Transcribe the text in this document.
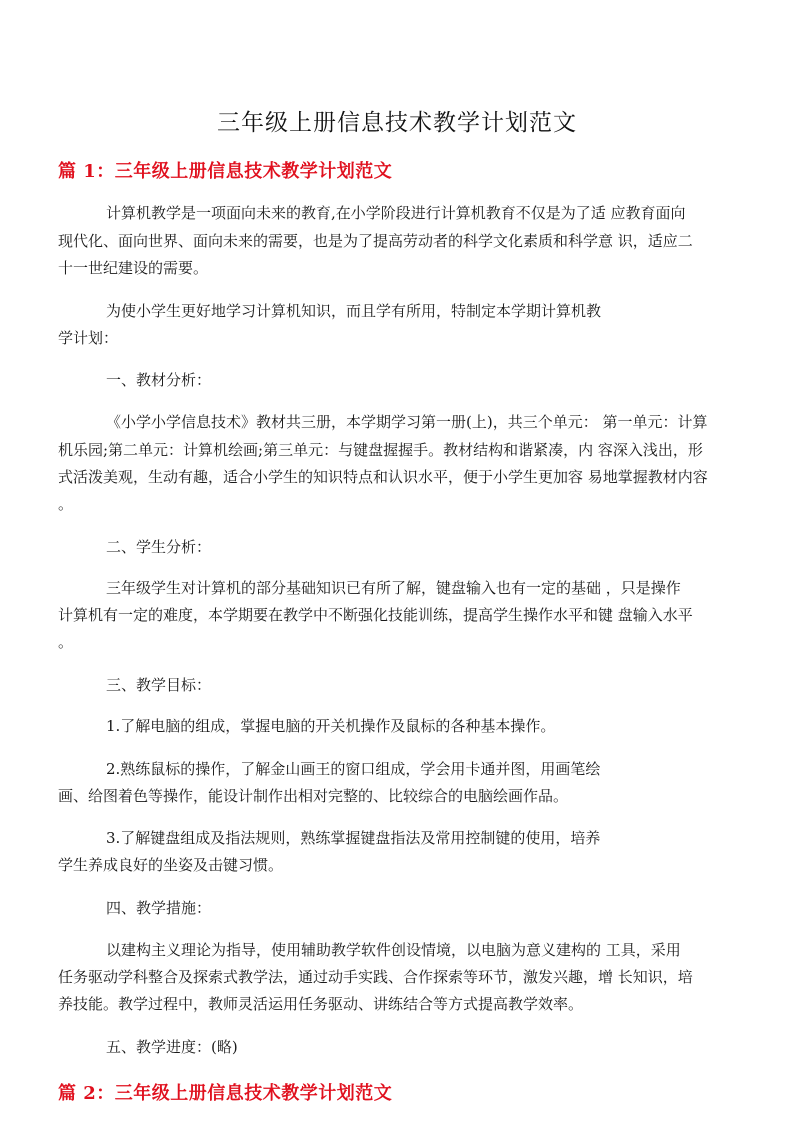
三年级上册信息技术教学计划范文
篇 1：三年级上册信息技术教学计划范文
计算机教学是一项面向未来的教育,在小学阶段进行计算机教育不仅是为了适 应教育面向
现代化、面向世界、面向未来的需要，也是为了提高劳动者的科学文化素质和科学意 识，适应二
十一世纪建设的需要。
为使小学生更好地学习计算机知识，而且学有所用，特制定本学期计算机教
学计划：
一、教材分析：
《小学小学信息技术》教材共三册，本学期学习第一册(上)，共三个单元： 第一单元：计算
机乐园;第二单元：计算机绘画;第三单元：与键盘握握手。教材结构和谐紧凑，内 容深入浅出，形
式活泼美观，生动有趣，适合小学生的知识特点和认识水平，便于小学生更加容 易地掌握教材内容
。
二、学生分析：
三年级学生对计算机的部分基础知识已有所了解，键盘输入也有一定的基础 ，只是操作
计算机有一定的难度，本学期要在教学中不断强化技能训练，提高学生操作水平和键 盘输入水平
。
三、教学目标：
1.了解电脑的组成，掌握电脑的开关机操作及鼠标的各种基本操作。
2.熟练鼠标的操作，了解金山画王的窗口组成，学会用卡通并图，用画笔绘
画、给图着色等操作，能设计制作出相对完整的、比较综合的电脑绘画作品。
3.了解键盘组成及指法规则，熟练掌握键盘指法及常用控制键的使用，培养
学生养成良好的坐姿及击键习惯。
四、教学措施：
以建构主义理论为指导，使用辅助教学软件创设情境，以电脑为意义建构的 工具，采用
任务驱动学科整合及探索式教学法，通过动手实践、合作探索等环节，激发兴趣，增 长知识，培
养技能。教学过程中，教师灵活运用任务驱动、讲练结合等方式提高教学效率。
五、教学进度：(略)
篇 2：三年级上册信息技术教学计划范文
